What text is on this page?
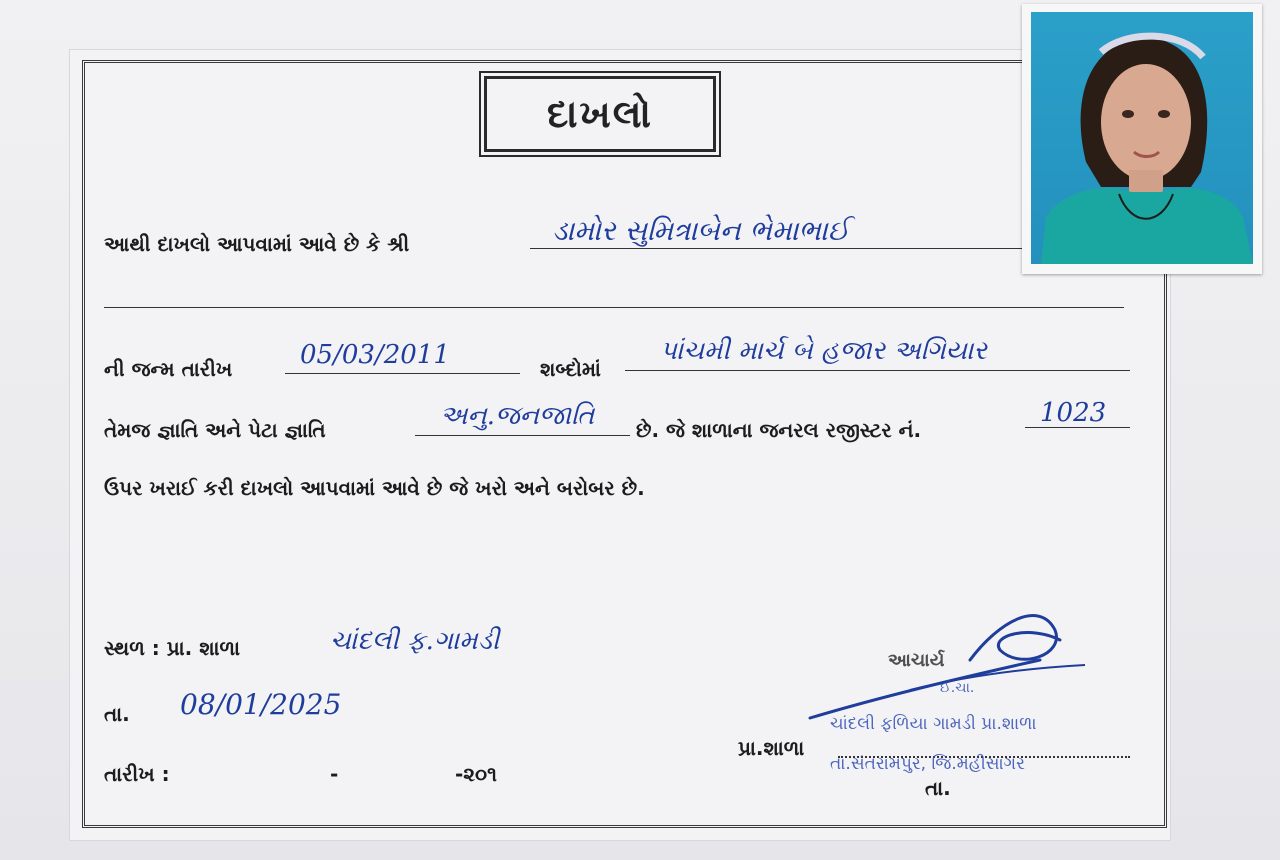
દાખલો
આથી દાખલો આપવામાં આવે છે કે શ્રી	ડામોર સુમિત્રાબેન ભેમાભાઈ
ની જન્મ તારીખ	05/03/2011	શબ્દોમાં
પાંચમી માર્ચ બે હજાર અગિયાર
તેમજ જ્ઞાતિ અને પેટા જ્ઞાતિ	અનુ.જનજાતિ છે. જે શાળાના જનરલ રજીસ્ટર નં.
1023
ઉપર ખરાઈ કરી દાખલો આપવામાં આવે છે જે ખરો અને બરોબર છે.
સ્થળ : પ્રા. શાળા	ચાંદલી ફ.ગામડી
તા. 08/01/2025
તારીખ :	-	-૨૦૧
આચાર્ય
ઈ.ચા.
ચાંદલી ફળિયા ગામડી પ્રા.શાળા
પ્રા.શાળા
તા.સંતરામપુર, જિ.મહીસાગર
તા.
